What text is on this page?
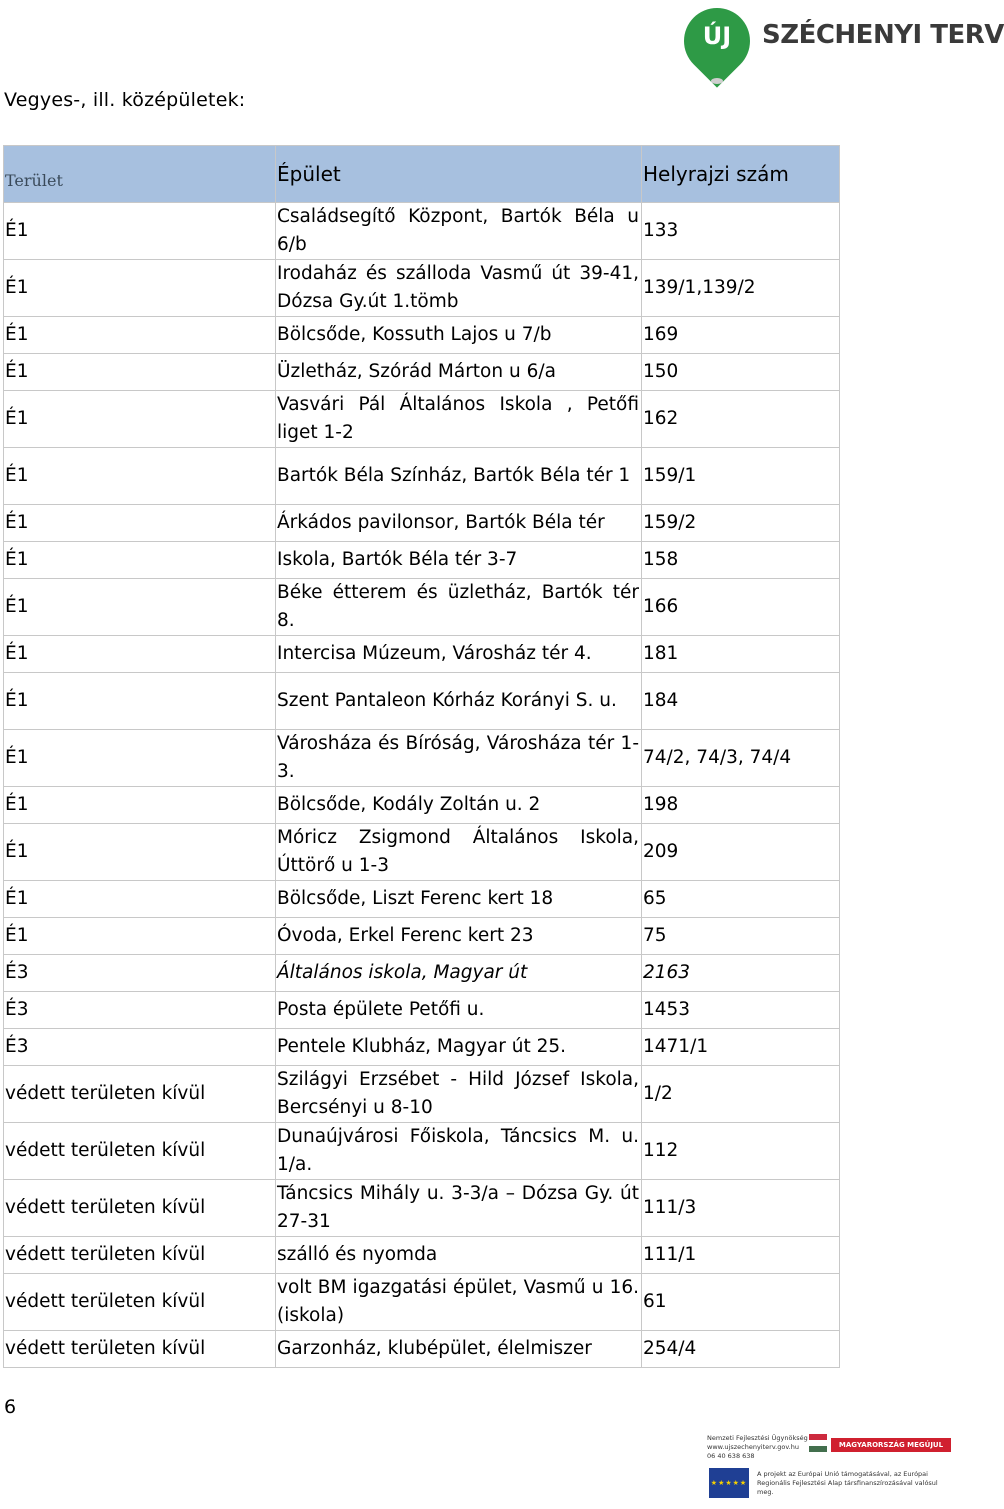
ÚJ	SZÉCHENYI TERV
Vegyes-, ill. középületek:
Terület	Épület	Helyrajzi szám
É1	Családsegítő Központ, Bartók Béla u 6/b	133
É1	Irodaház és szálloda Vasmű út 39-41, Dózsa Gy.út 1.tömb	139/1,139/2
É1	Bölcsőde, Kossuth Lajos u 7/b	169
É1	Üzletház, Szórád Márton u 6/a	150
É1	Vasvári Pál Általános Iskola , Petőfi liget 1-2	162
É1	Bartók Béla Színház, Bartók Béla tér 1	159/1
É1	Árkádos pavilonsor, Bartók Béla tér	159/2
É1	Iskola, Bartók Béla tér 3-7	158
É1	Béke étterem és üzletház, Bartók tér 8.	166
É1	Intercisa Múzeum, Városház tér 4.	181
É1	Szent Pantaleon Kórház Korányi S. u.	184
É1	Városháza és Bíróság, Városháza tér 1-3.	74/2, 74/3, 74/4
É1	Bölcsőde, Kodály Zoltán u. 2	198
É1	Móricz Zsigmond Általános Iskola, Úttörő u 1-3	209
É1	Bölcsőde, Liszt Ferenc kert 18	65
É1	Óvoda, Erkel Ferenc kert 23	75
É3	Általános iskola, Magyar út	2163
É3	Posta épülete Petőfi u.	1453
É3	Pentele Klubház, Magyar út 25.	1471/1
védett területen kívül	Szilágyi Erzsébet - Hild József Iskola, Bercsényi u 8-10	1/2
védett területen kívül	Dunaújvárosi Főiskola, Táncsics M. u. 1/a.	112
védett területen kívül	Táncsics Mihály u. 3-3/a – Dózsa Gy. út 27-31	111/3
védett területen kívül	szálló és nyomda	111/1
védett területen kívül	volt BM igazgatási épület, Vasmű u 16. (iskola)	61
védett területen kívül	Garzonház, klubépület, élelmiszer	254/4
6
Nemzeti Fejlesztési Ügynökség
www.ujszechenyiterv.gov.hu
06 40 638 638
MAGYARORSZÁG MEGÚJUL
★★★★★
A projekt az Európai Unió támogatásával, az Európai Regionális Fejlesztési Alap társfinanszírozásával valósul meg.
